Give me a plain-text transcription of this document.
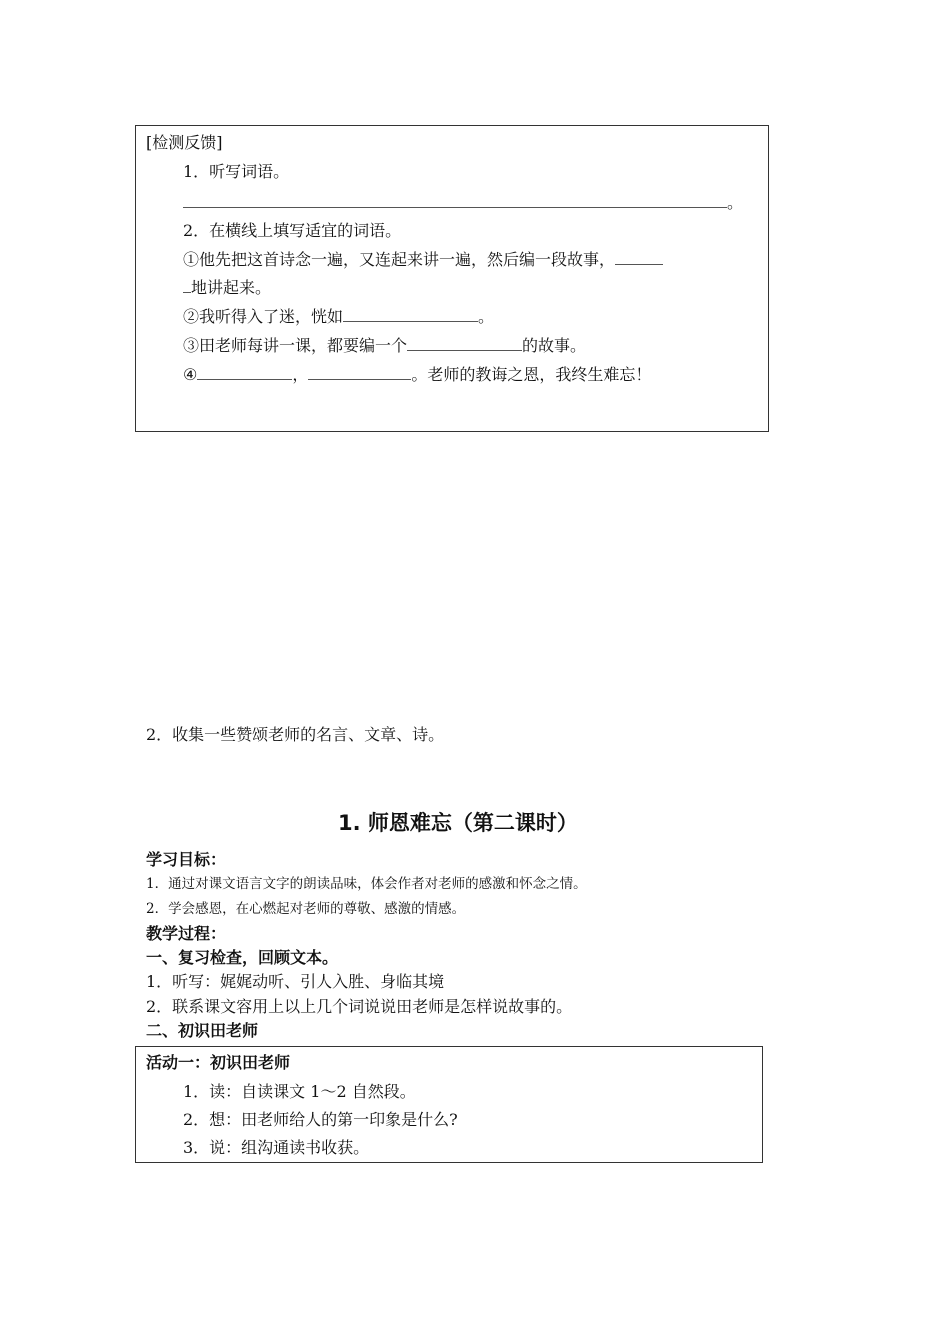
[检测反馈]
1．听写词语。
。
2．在横线上填写适宜的词语。
①他先把这首诗念一遍，又连起来讲一遍，然后编一段故事，
地讲起来。
②我听得入了迷，恍如	。
③田老师每讲一课，都要编一个	的故事。
④	，	。老师的教诲之恩，我终生难忘！
2．收集一些赞颂老师的名言、文章、诗。
1. 师恩难忘（第二课时）
学习目标：
1．通过对课文语言文字的朗读品味，体会作者对老师的感激和怀念之情。
2．学会感恩，在心燃起对老师的尊敬、感激的情感。
教学过程：
一、复习检查，回顾文本。
1．听写：娓娓动听、引人入胜、身临其境
2．联系课文容用上以上几个词说说田老师是怎样说故事的。
二、初识田老师
活动一：初识田老师
1．读：自读课文 1～2 自然段。
2．想：田老师给人的第一印象是什么?
3．说：组沟通读书收获。
